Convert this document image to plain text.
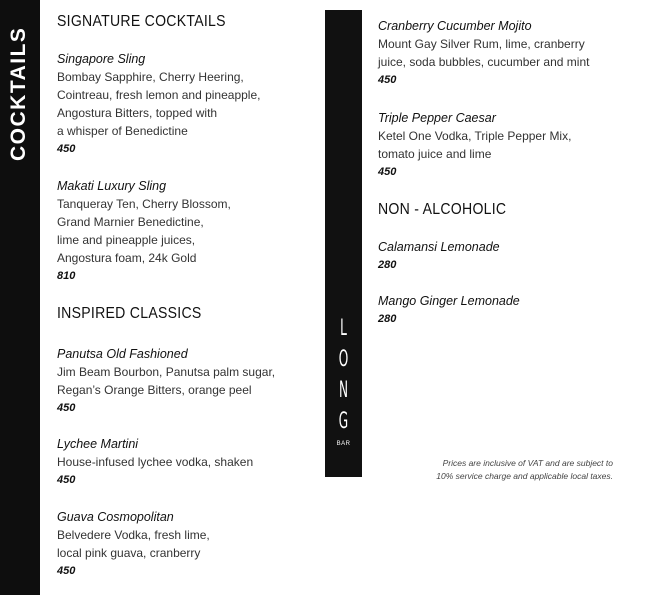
COCKTAILS
L
O
N
G
BAR
SIGNATURE COCKTAILS
Singapore Sling
Bombay Sapphire, Cherry Heering,
Cointreau, fresh lemon and pineapple,
Angostura Bitters, topped with
a whisper of Benedictine
450
Makati Luxury Sling
Tanqueray Ten, Cherry Blossom,
Grand Marnier Benedictine,
lime and pineapple juices,
Angostura foam, 24k Gold
810
INSPIRED CLASSICS
Panutsa Old Fashioned
Jim Beam Bourbon, Panutsa palm sugar,
Regan’s Orange Bitters, orange peel
450
Lychee Martini
House-infused lychee vodka, shaken
450
Guava Cosmopolitan
Belvedere Vodka, fresh lime,
local pink guava, cranberry
450
Cranberry Cucumber Mojito
Mount Gay Silver Rum, lime, cranberry
juice, soda bubbles, cucumber and mint
450
Triple Pepper Caesar
Ketel One Vodka, Triple Pepper Mix,
tomato juice and lime
450
NON - ALCOHOLIC
Calamansi Lemonade
280
Mango Ginger Lemonade
280
Prices are inclusive of VAT and are subject to
10% service charge and applicable local taxes.
